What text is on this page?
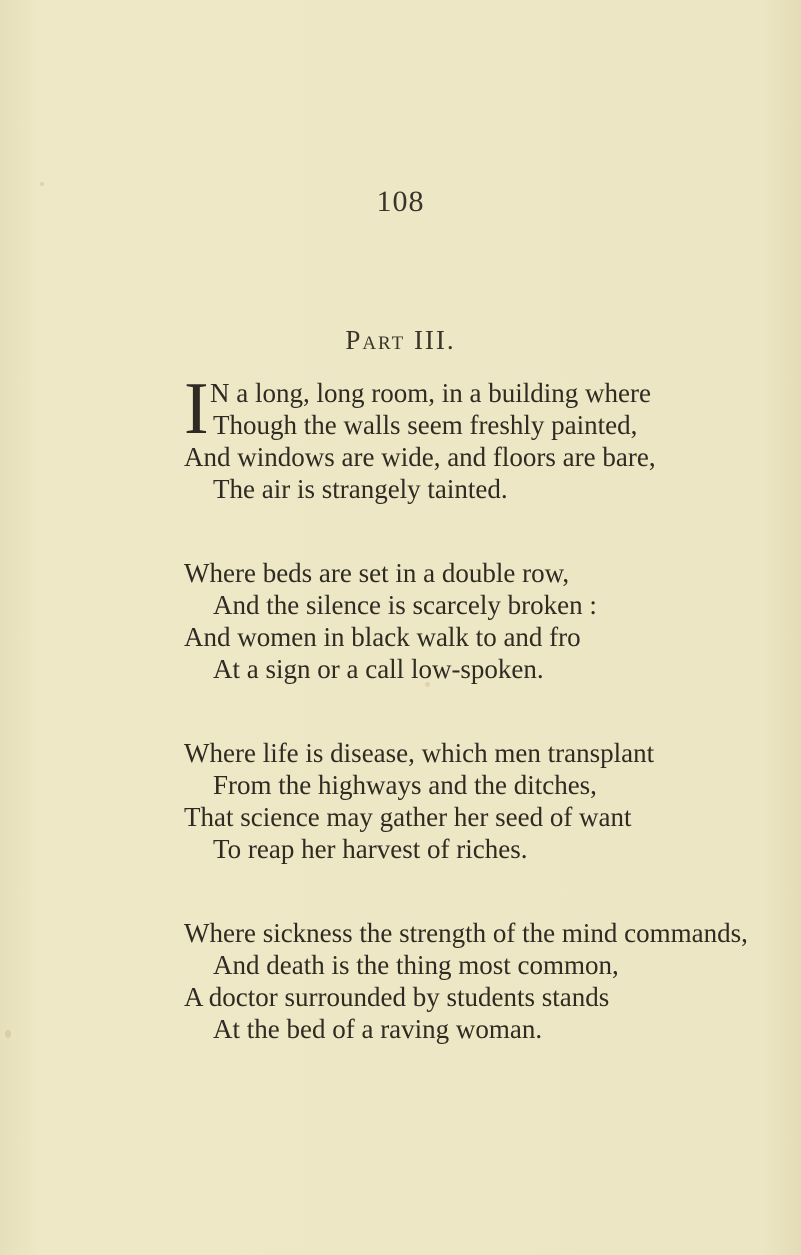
108
Part III.
I N a long, long room, in a building where
Though the walls seem freshly painted,
And windows are wide, and floors are bare,
The air is strangely tainted.
Where beds are set in a double row,
And the silence is scarcely broken :
And women in black walk to and fro
At a sign or a call low-spoken.
Where life is disease, which men transplant
From the highways and the ditches,
That science may gather her seed of want
To reap her harvest of riches.
Where sickness the strength of the mind commands,
And death is the thing most common,
A doctor surrounded by students stands
At the bed of a raving woman.
